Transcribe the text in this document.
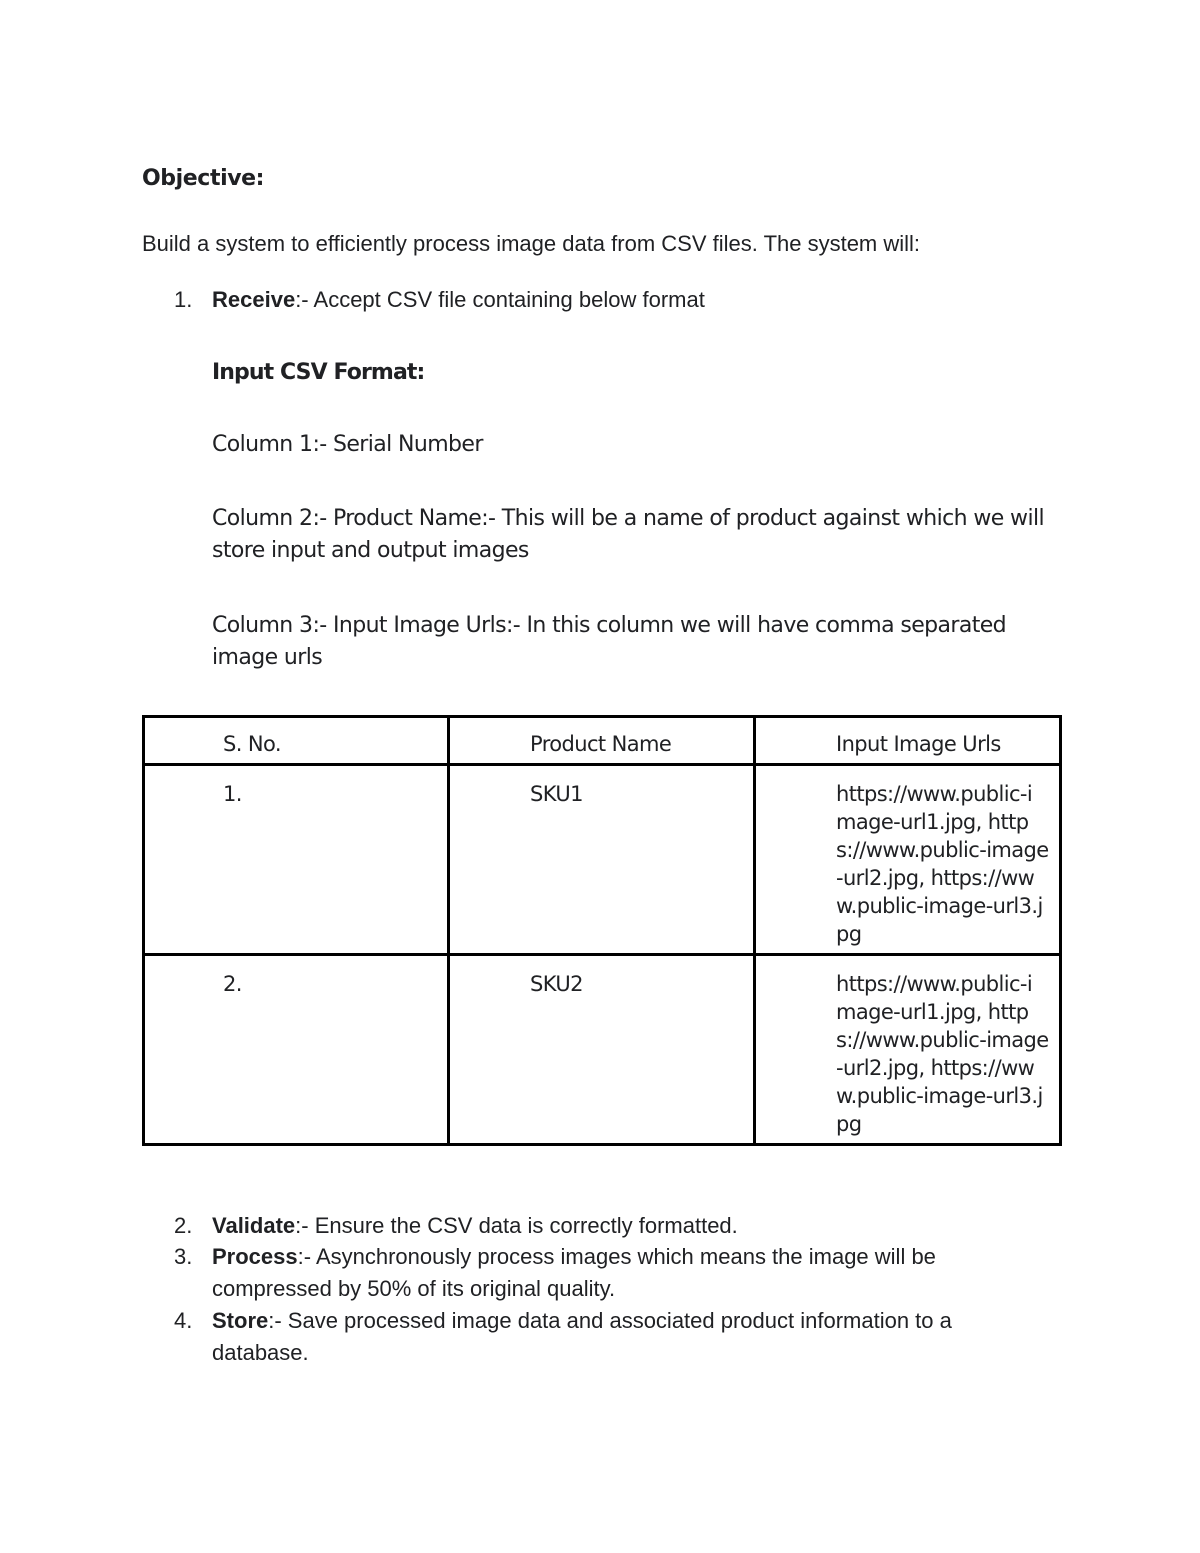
Objective:
Build a system to efficiently process image data from CSV files. The system will:
1. Receive:- Accept CSV file containing below format
Input CSV Format:
Column 1:- Serial Number
Column 2:- Product Name:- This will be a name of product against which we will store input and output images
Column 3:- Input Image Urls:- In this column we will have comma separated image urls
S. No.	Product Name	Input Image Urls

1.	SKU1	https://www.public-image-url1.jpg, https://www.public-image-url2.jpg, https://www.public-image-url3.jpg

2.	SKU2	https://www.public-image-url1.jpg, https://www.public-image-url2.jpg, https://www.public-image-url3.jpg
2. Validate:- Ensure the CSV data is correctly formatted.
3. Process:- Asynchronously process images which means the image will be compressed by 50% of its original quality.
4. Store:- Save processed image data and associated product information to a database.
